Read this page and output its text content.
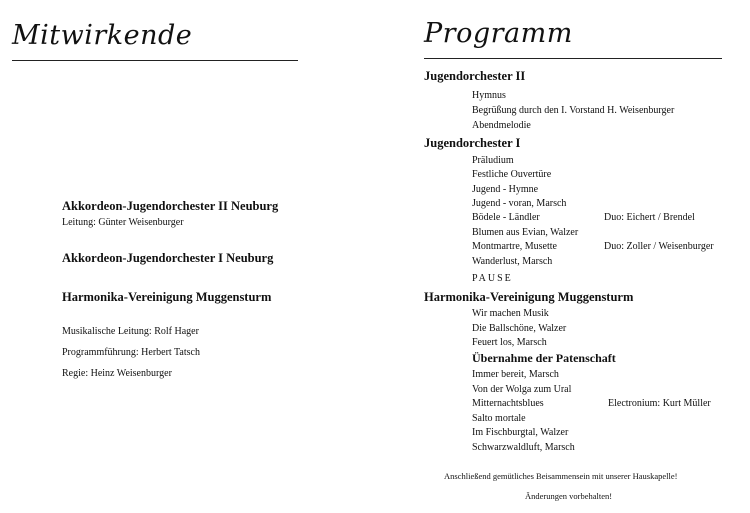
Mitwirkende
Akkordeon-Jugendorchester II Neuburg
Leitung: Günter Weisenburger
Akkordeon-Jugendorchester I Neuburg
Harmonika-Vereinigung Muggensturm
Musikalische Leitung: Rolf Hager
Programmführung: Herbert Tatsch
Regie: Heinz Weisenburger
Programm
Jugendorchester II
Hymnus
Begrüßung durch den I. Vorstand H. Weisenburger
Abendmelodie
Jugendorchester I
Präludium
Festliche Ouvertüre
Jugend - Hymne
Jugend - voran, Marsch
Bödele - Ländler	Duo: Eichert / Brendel
Blumen aus Evian, Walzer
Montmartre, Musette	Duo: Zoller / Weisenburger
Wanderlust, Marsch
PAUSE
Harmonika-Vereinigung Muggensturm
Wir machen Musik
Die Ballschöne, Walzer
Feuert los, Marsch
Übernahme der Patenschaft
Immer bereit, Marsch
Von der Wolga zum Ural
Mitternachtsblues	Electronium: Kurt Müller
Salto mortale
Im Fischburgtal, Walzer
Schwarzwaldluft, Marsch
Anschließend gemütliches Beisammensein mit unserer Hauskapelle!
Änderungen vorbehalten!
